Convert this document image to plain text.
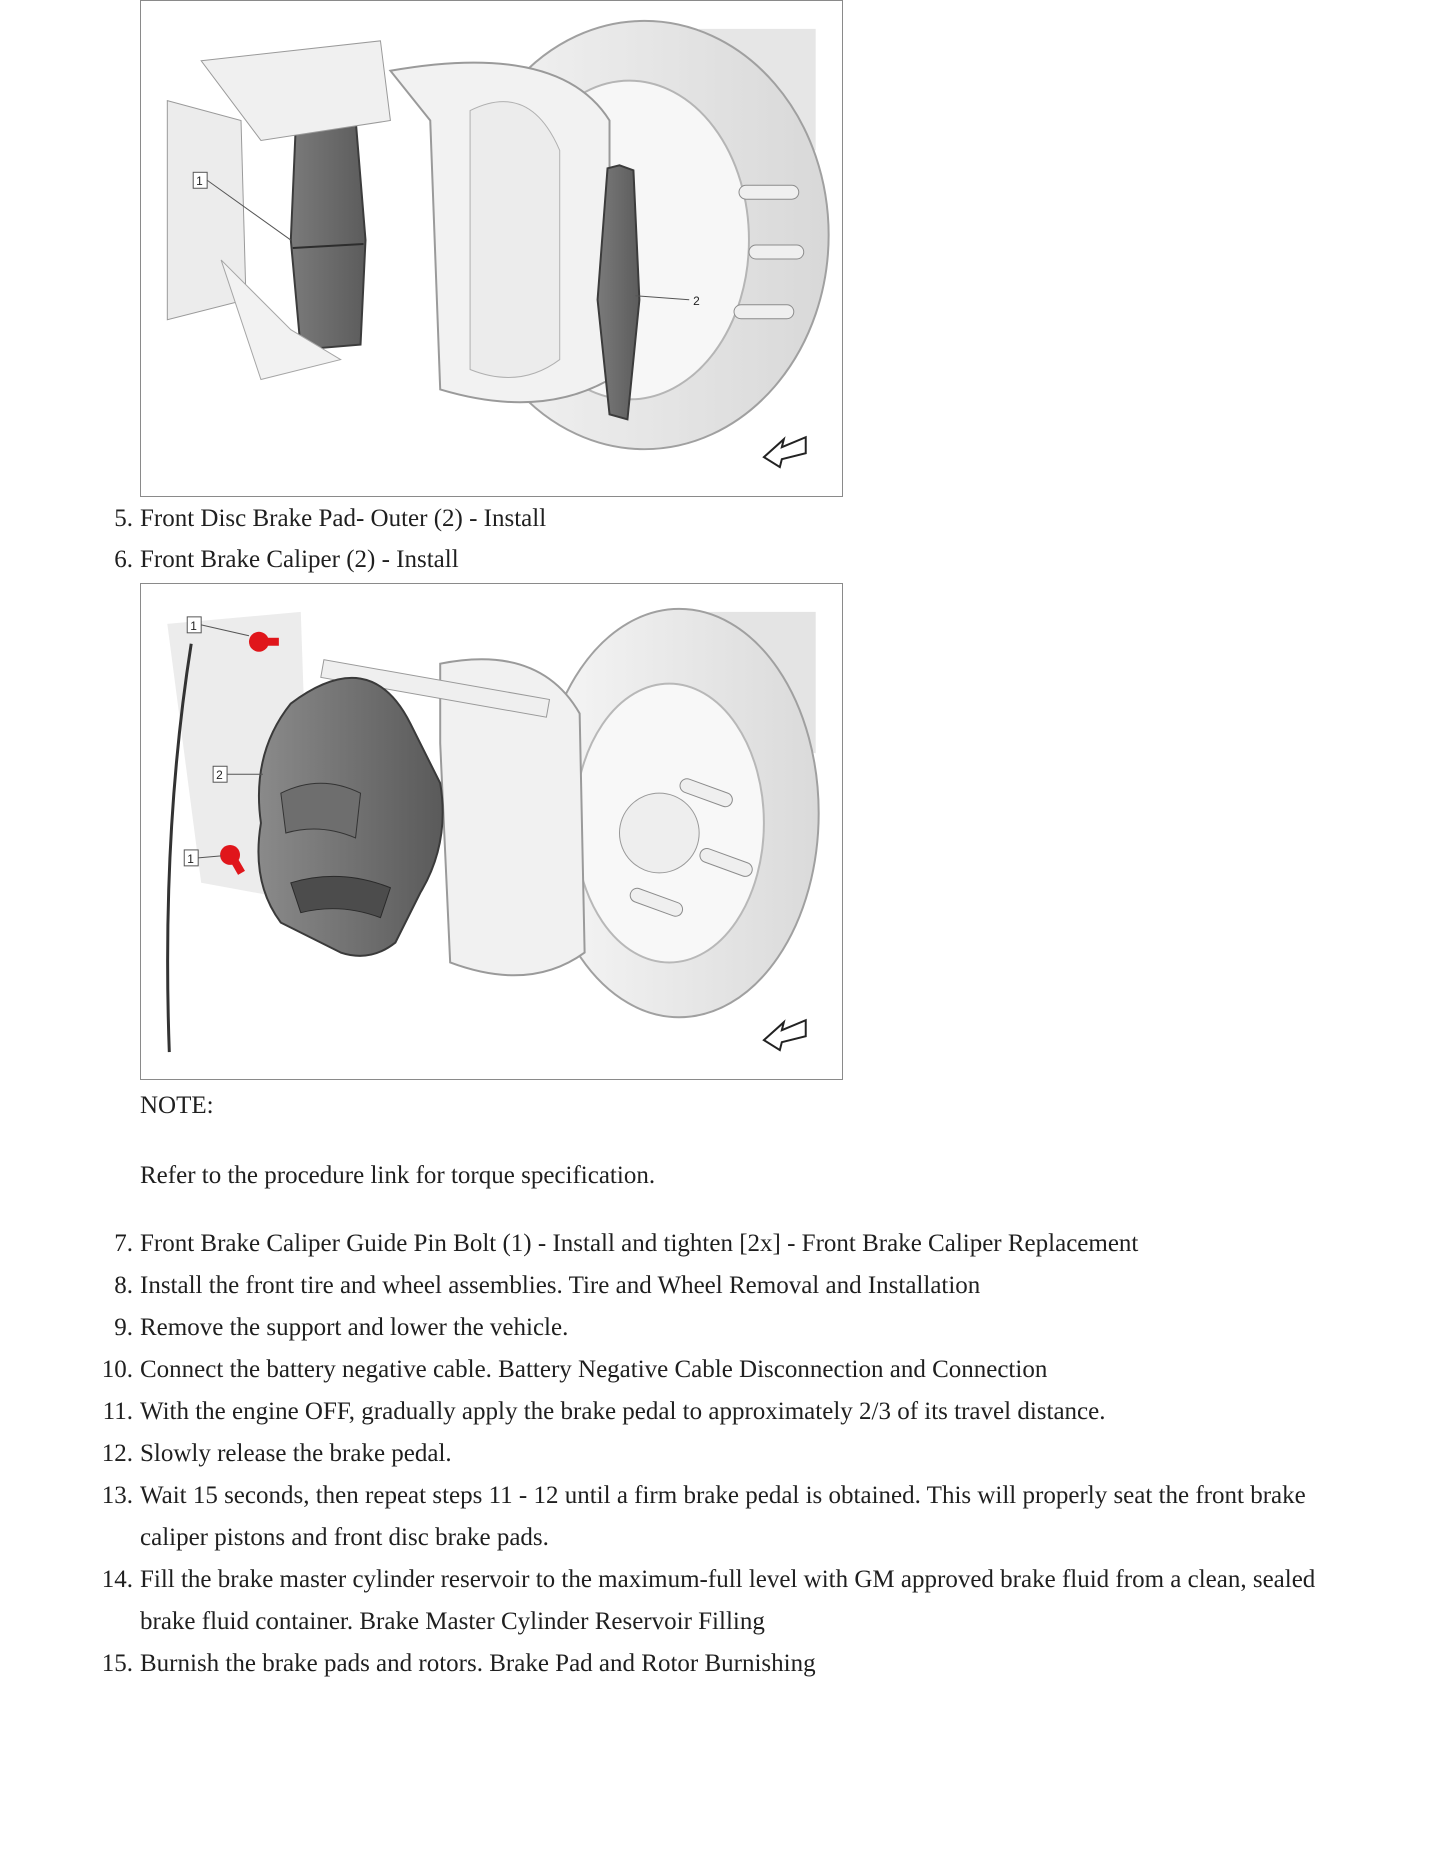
1
2
5. Front Disc Brake Pad- Outer (2) - Install
6. Front Brake Caliper (2) - Install
1
2
1
NOTE:
Refer to the procedure link for torque specification.
7. Front Brake Caliper Guide Pin Bolt (1) - Install and tighten [2x] - Front Brake Caliper Replacement
8. Install the front tire and wheel assemblies. Tire and Wheel Removal and Installation
9. Remove the support and lower the vehicle.
10. Connect the battery negative cable. Battery Negative Cable Disconnection and Connection
11. With the engine OFF, gradually apply the brake pedal to approximately 2/3 of its travel distance.
12. Slowly release the brake pedal.
13. Wait 15 seconds, then repeat steps 11 - 12 until a firm brake pedal is obtained. This will properly seat the front brake caliper pistons and front disc brake pads.
14. Fill the brake master cylinder reservoir to the maximum-full level with GM approved brake fluid from a clean, sealed brake fluid container. Brake Master Cylinder Reservoir Filling
15. Burnish the brake pads and rotors. Brake Pad and Rotor Burnishing
